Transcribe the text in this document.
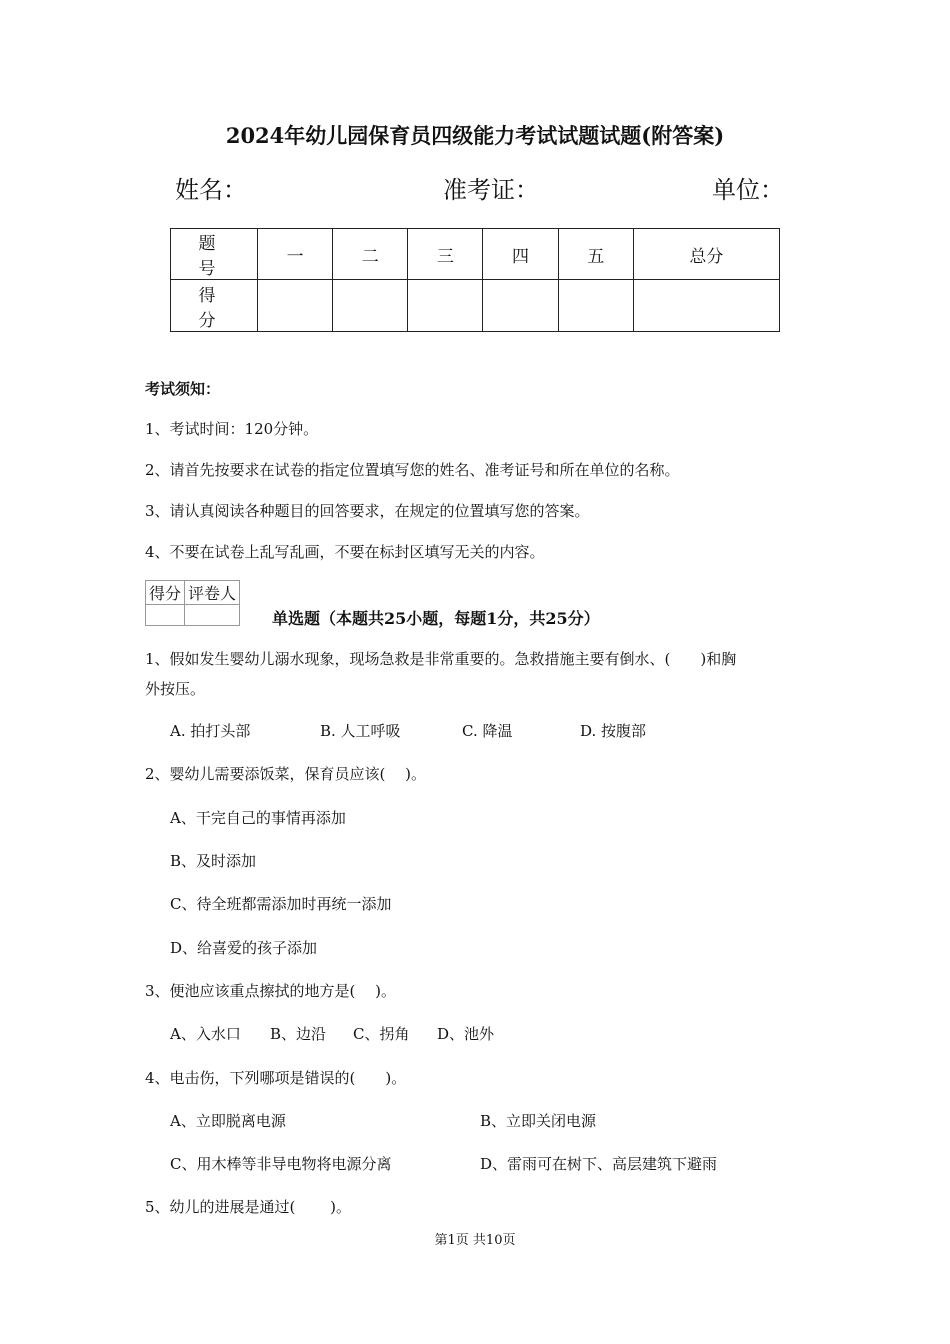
2024年幼儿园保育员四级能力考试试题试题(附答案)
姓名：	准考证：	单位：
题　号	一	二	三	四	五	总分
得　分						
考试须知：
1、考试时间：120分钟。
2、请首先按要求在试卷的指定位置填写您的姓名、准考证号和所在单位的名称。
3、请认真阅读各种题目的回答要求，在规定的位置填写您的答案。
4、不要在试卷上乱写乱画，不要在标封区填写无关的内容。
得分	评卷人

单选题（本题共25小题，每题1分，共25分）
1、假如发生婴幼儿溺水现象，现场急救是非常重要的。急救措施主要有倒水、(　　)和胸
外按压。
A. 拍打头部	B. 人工呼吸	C. 降温	D. 按腹部
2、婴幼儿需要添饭菜，保育员应该(　 )。
A、干完自己的事情再添加
B、及时添加
C、待全班都需添加时再统一添加
D、给喜爱的孩子添加
3、便池应该重点擦拭的地方是(　 )。
A、入水口 B、边沿 C、拐角 D、池外
4、电击伤，下列哪项是错误的(　　)。
A、立即脱离电源	B、立即关闭电源
C、用木棒等非导电物将电源分离	D、雷雨可在树下、高层建筑下避雨
5、幼儿的进展是通过(　　 )。
第1页 共10页
